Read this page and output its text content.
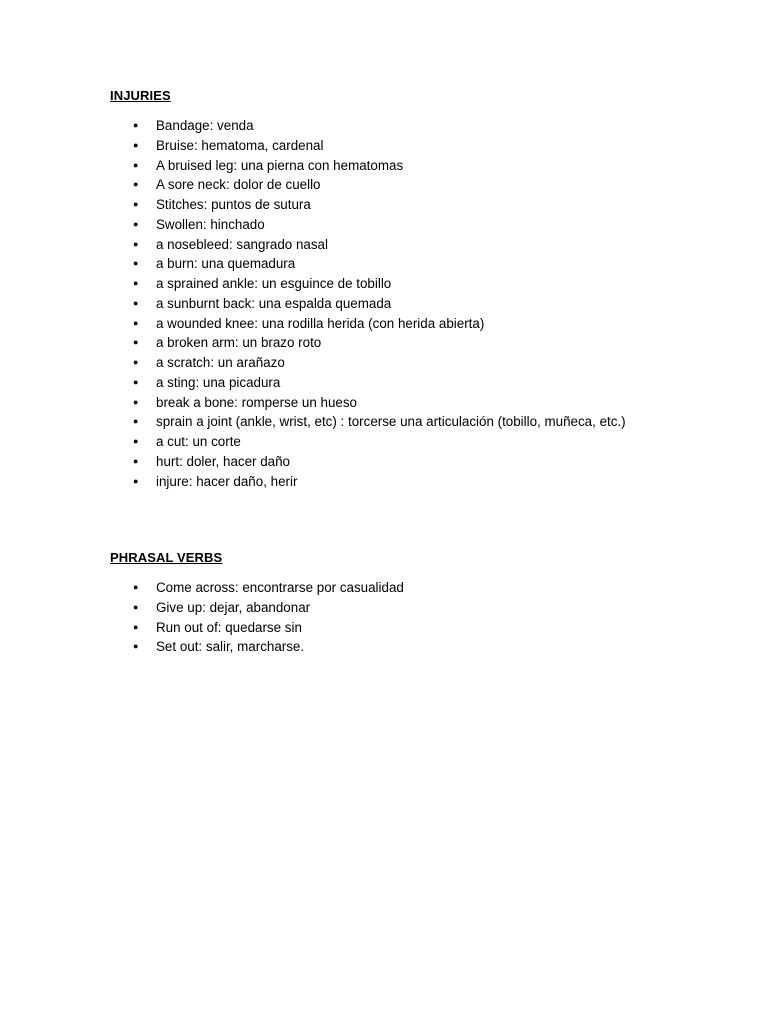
INJURIES
●	Bandage: venda
●	Bruise: hematoma, cardenal
●	A bruised leg: una pierna con hematomas
●	A sore neck: dolor de cuello
●	Stitches: puntos de sutura
●	Swollen: hinchado
●	a nosebleed: sangrado nasal
●	a burn: una quemadura
●	a sprained ankle: un esguince de tobillo
●	a sunburnt back: una espalda quemada
●	a wounded knee: una rodilla herida (con herida abierta)
●	a broken arm: un brazo roto
●	a scratch: un arañazo
●	a sting: una picadura
●	break a bone: romperse un hueso
●	sprain a joint (ankle, wrist, etc) : torcerse una articulación (tobillo, muñeca, etc.)
●	a cut: un corte
●	hurt: doler, hacer daño
●	injure: hacer daño, herir
PHRASAL VERBS
●	Come across: encontrarse por casualidad
●	Give up: dejar, abandonar
●	Run out of: quedarse sin
●	Set out: salir, marcharse.
